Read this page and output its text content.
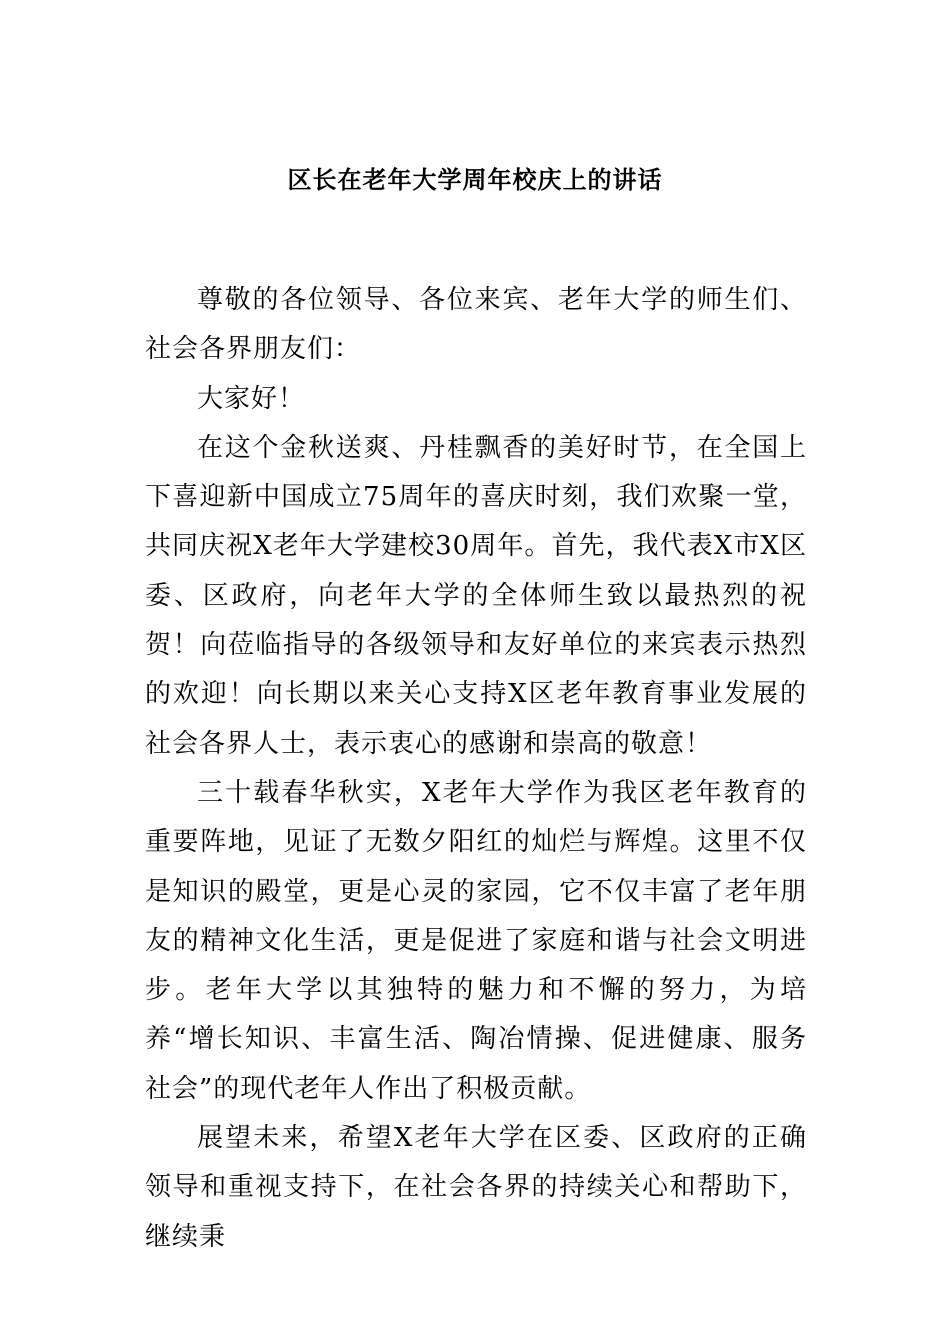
区长在老年大学周年校庆上的讲话

尊敬的各位领导、各位来宾、老年大学的师生们、社会各界朋友们：

大家好！

在这个金秋送爽、丹桂飘香的美好时节，在全国上下喜迎新中国成立75周年的喜庆时刻，我们欢聚一堂，共同庆祝X老年大学建校30周年。首先，我代表X市X区委、区政府，向老年大学的全体师生致以最热烈的祝贺！向莅临指导的各级领导和友好单位的来宾表示热烈的欢迎！向长期以来关心支持X区老年教育事业发展的社会各界人士，表示衷心的感谢和崇高的敬意！

三十载春华秋实，X老年大学作为我区老年教育的重要阵地，见证了无数夕阳红的灿烂与辉煌。这里不仅是知识的殿堂，更是心灵的家园，它不仅丰富了老年朋友的精神文化生活，更是促进了家庭和谐与社会文明进步。老年大学以其独特的魅力和不懈的努力，为培养“增长知识、丰富生活、陶冶情操、促进健康、服务社会”的现代老年人作出了积极贡献。

展望未来，希望X老年大学在区委、区政府的正确领导和重视支持下，在社会各界的持续关心和帮助下，继续秉
